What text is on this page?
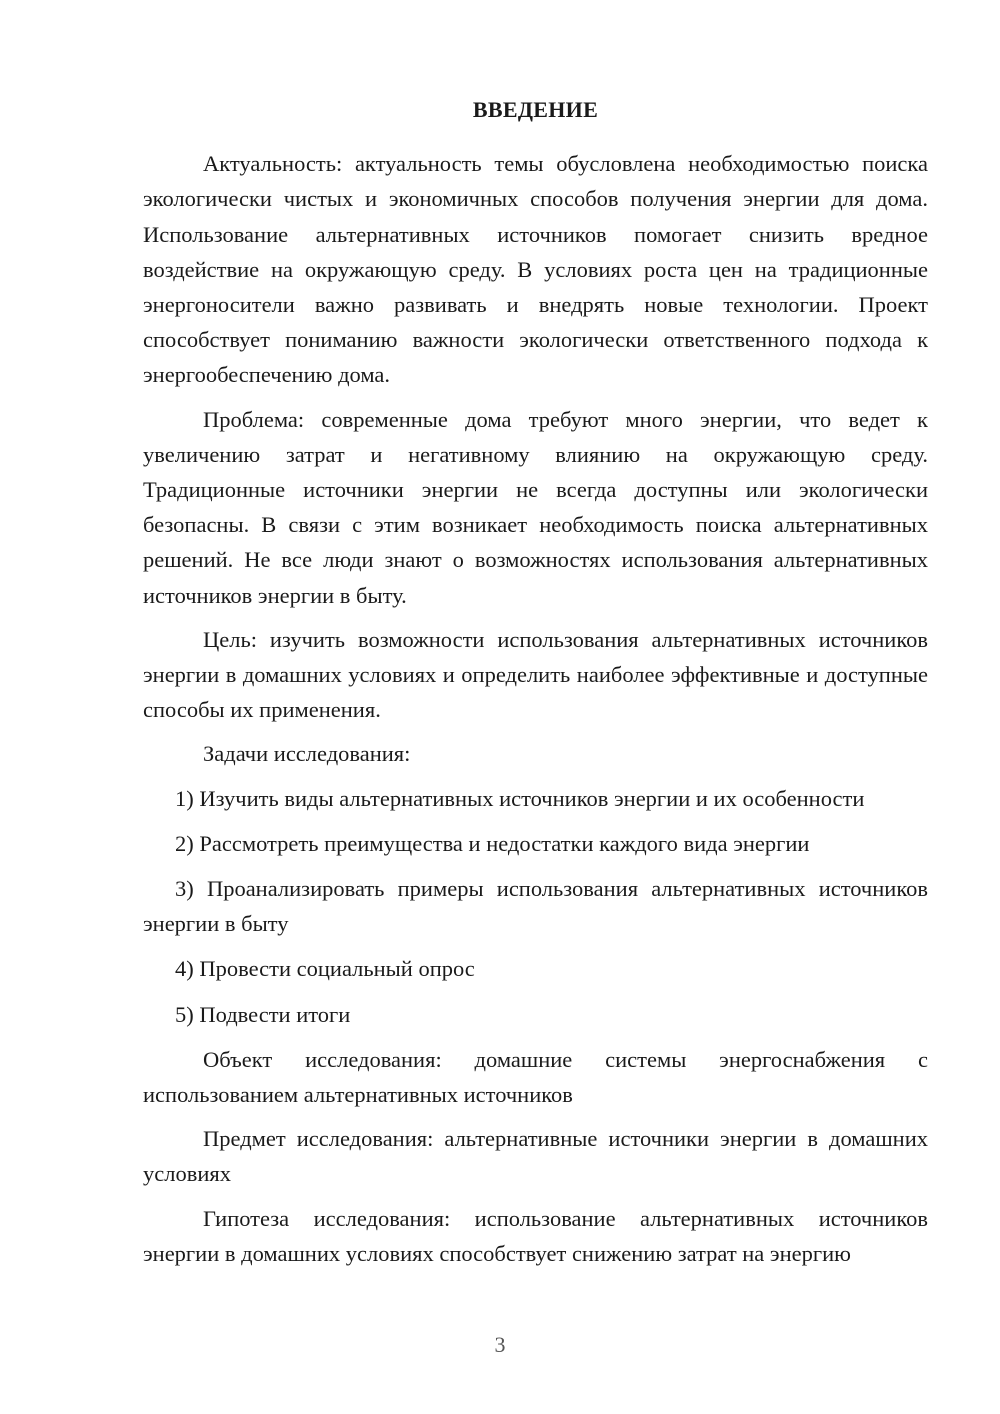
ВВЕДЕНИЕ

Актуальность: актуальность темы обусловлена необходимостью поиска экологически чистых и экономичных способов получения энергии для дома. Использование альтернативных источников помогает снизить вредное воздействие на окружающую среду. В условиях роста цен на традиционные энергоносители важно развивать и внедрять новые технологии. Проект способствует пониманию важности экологически ответственного подхода к энергообеспечению дома.

Проблема: современные дома требуют много энергии, что ведет к увеличению затрат и негативному влиянию на окружающую среду. Традиционные источники энергии не всегда доступны или экологически безопасны. В связи с этим возникает необходимость поиска альтернативных решений. Не все люди знают о возможностях использования альтернативных источников энергии в быту.

Цель: изучить возможности использования альтернативных источников энергии в домашних условиях и определить наиболее эффективные и доступные способы их применения.

Задачи исследования:

1) Изучить виды альтернативных источников энергии и их особенности

2) Рассмотреть преимущества и недостатки каждого вида энергии

3) Проанализировать примеры использования альтернативных источников энергии в быту

4) Провести социальный опрос

5) Подвести итоги

Объект исследования: домашние системы энергоснабжения с использованием альтернативных источников

Предмет исследования: альтернативные источники энергии в домашних условиях

Гипотеза исследования: использование альтернативных источников энергии в домашних условиях способствует снижению затрат на энергию

3
